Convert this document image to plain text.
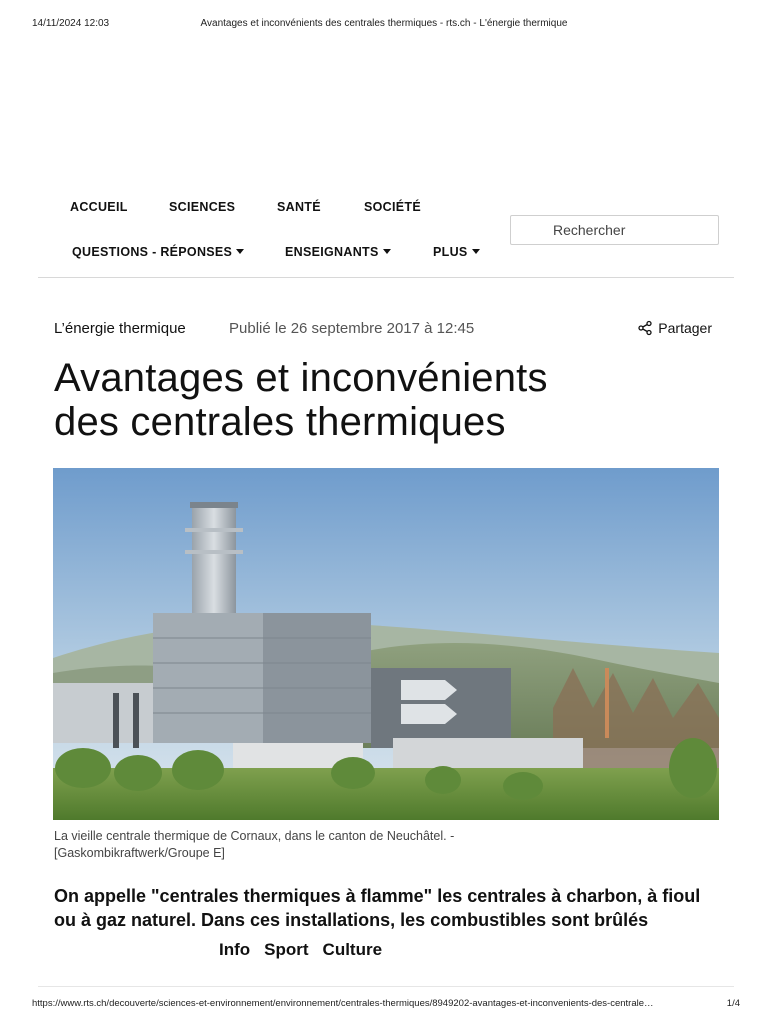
14/11/2024 12:03	Avantages et inconvénients des centrales thermiques - rts.ch - L'énergie thermique
ACCUEIL	SCIENCES	SANTÉ	SOCIÉTÉ
QUESTIONS - RÉPONSES	ENSEIGNANTS	PLUS
Rechercher
L’énergie thermique	Publié le 26 septembre 2017 à 12:45	Partager
Avantages et inconvénients
des centrales thermiques

La vieille centrale thermique de Cornaux, dans le canton de Neuchâtel. -
[Gaskombikraftwerk/Groupe E]

On appelle "centrales thermiques à flamme" les centrales à charbon, à fioul ou à gaz naturel. Dans ces installations, les combustibles sont brûlés

Info Sport Culture
https://www.rts.ch/decouverte/sciences-et-environnement/environnement/centrales-thermiques/8949202-avantages-et-inconvenients-des-centrale…	1/4
